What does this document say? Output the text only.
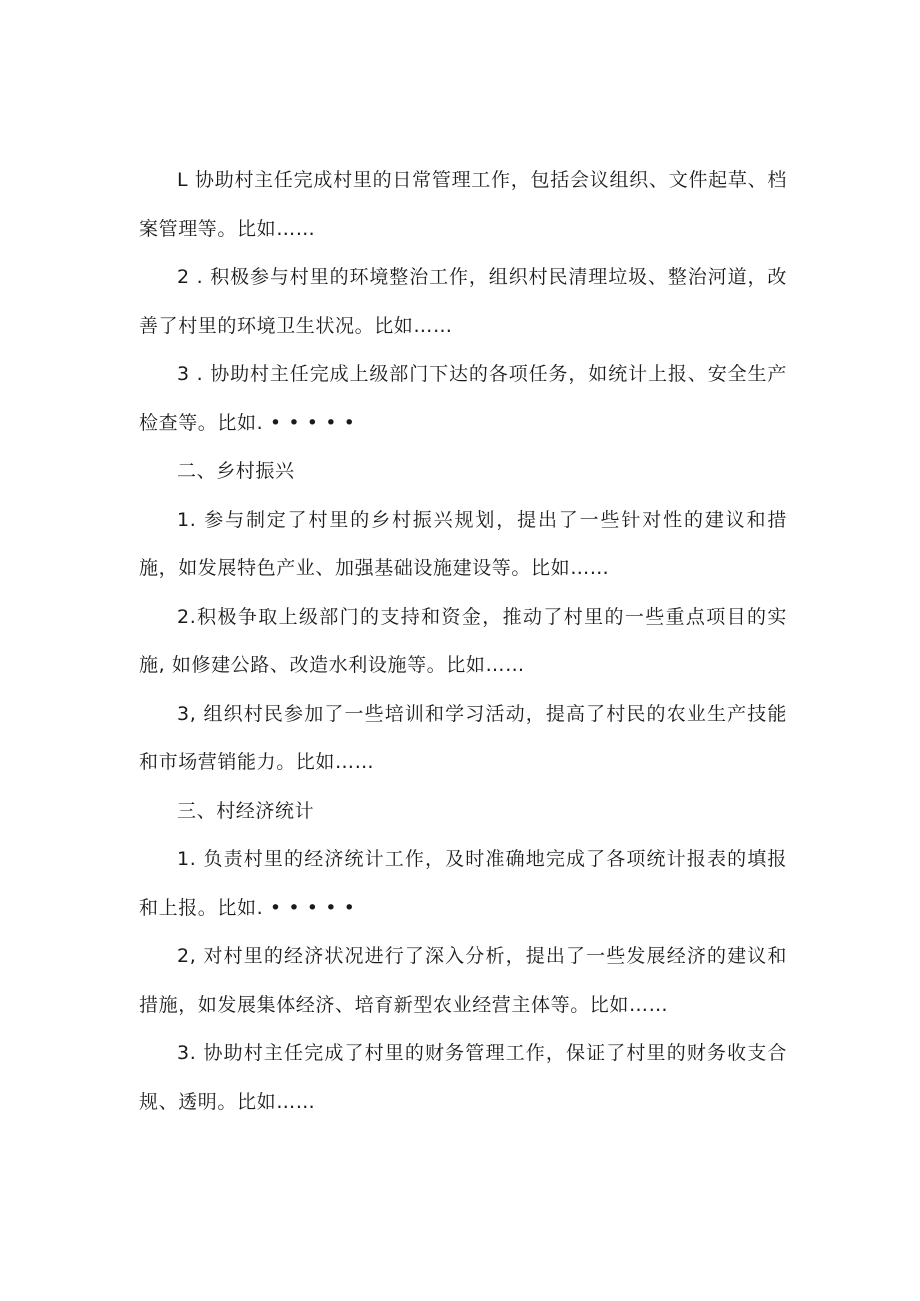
L 协助村主任完成村里的日常管理工作，包括会议组织、文件起草、档案管理等。比如……

2 . 积极参与村里的环境整治工作，组织村民清理垃圾、整治河道，改善了村里的环境卫生状况。比如……

3 . 协助村主任完成上级部门下达的各项任务，如统计上报、安全生产检查等。比如. • • • • •

二、乡村振兴

1. 参与制定了村里的乡村振兴规划，提出了一些针对性的建议和措施，如发展特色产业、加强基础设施建设等。比如……

2.积极争取上级部门的支持和资金，推动了村里的一些重点项目的实施, 如修建公路、改造水利设施等。比如……

3, 组织村民参加了一些培训和学习活动，提高了村民的农业生产技能和市场营销能力。比如……

三、村经济统计

1. 负责村里的经济统计工作，及时准确地完成了各项统计报表的填报和上报。比如. • • • • •

2, 对村里的经济状况进行了深入分析，提出了一些发展经济的建议和措施，如发展集体经济、培育新型农业经营主体等。比如……

3. 协助村主任完成了村里的财务管理工作，保证了村里的财务收支合规、透明。比如……
